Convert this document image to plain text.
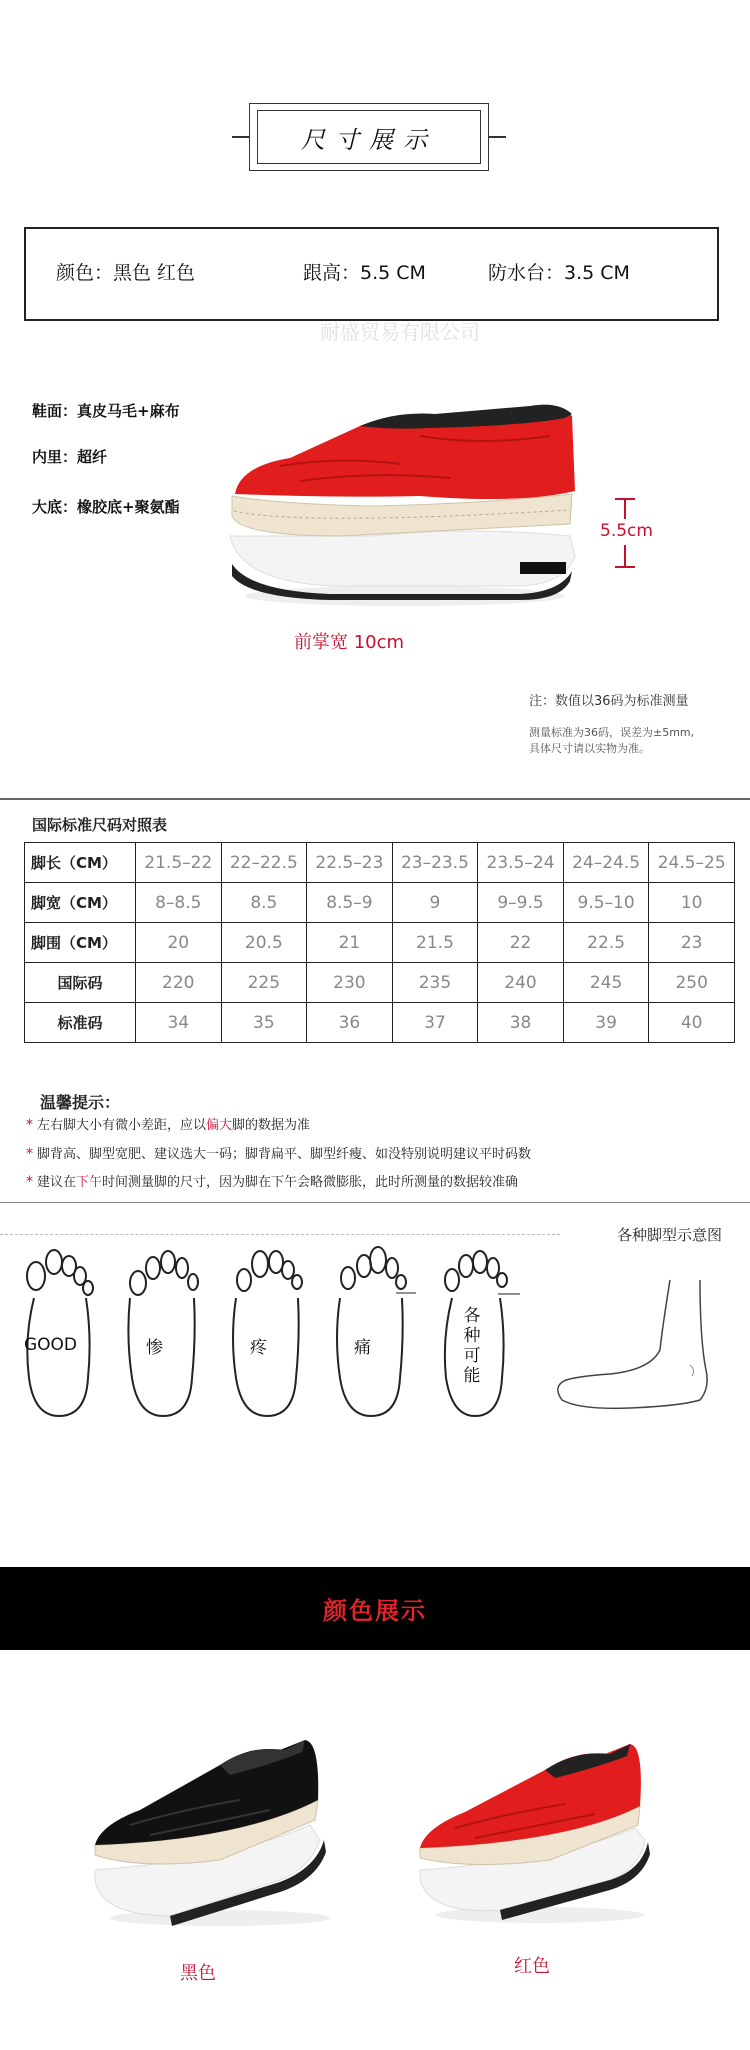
尺寸展示
颜色：黑色 红色	跟高：5.5 CM	防水台：3.5 CM
耐盛贸易有限公司
鞋面：真皮马毛+麻布
内里：超纤
大底：橡胶底+聚氨酯
5.5cm
前掌宽 10cm
注：数值以36码为标准测量
测量标准为36码，误差为±5mm,
具体尺寸请以实物为准。
国际标准尺码对照表
脚长（CM）	21.5–22	22–22.5	22.5–23	23–23.5	23.5–24	24–24.5	24.5–25
脚宽（CM）	8–8.5	8.5	8.5–9	9	9–9.5	9.5–10	10
脚围（CM）	20	20.5	21	21.5	22	22.5	23
国际码	220	225	230	235	240	245	250
标准码	34	35	36	37	38	39	40
温馨提示：
* 左右脚大小有微小差距，应以偏大脚的数据为准
* 脚背高、脚型宽肥、建议选大一码；脚背扁平、脚型纤瘦、如没特别说明建议平时码数
* 建议在下午时间测量脚的尺寸，因为脚在下午会略微膨胀，此时所测量的数据较准确
各种脚型示意图
GOOD	惨	疼	痛
各种可能
颜色展示
黑色	红色
